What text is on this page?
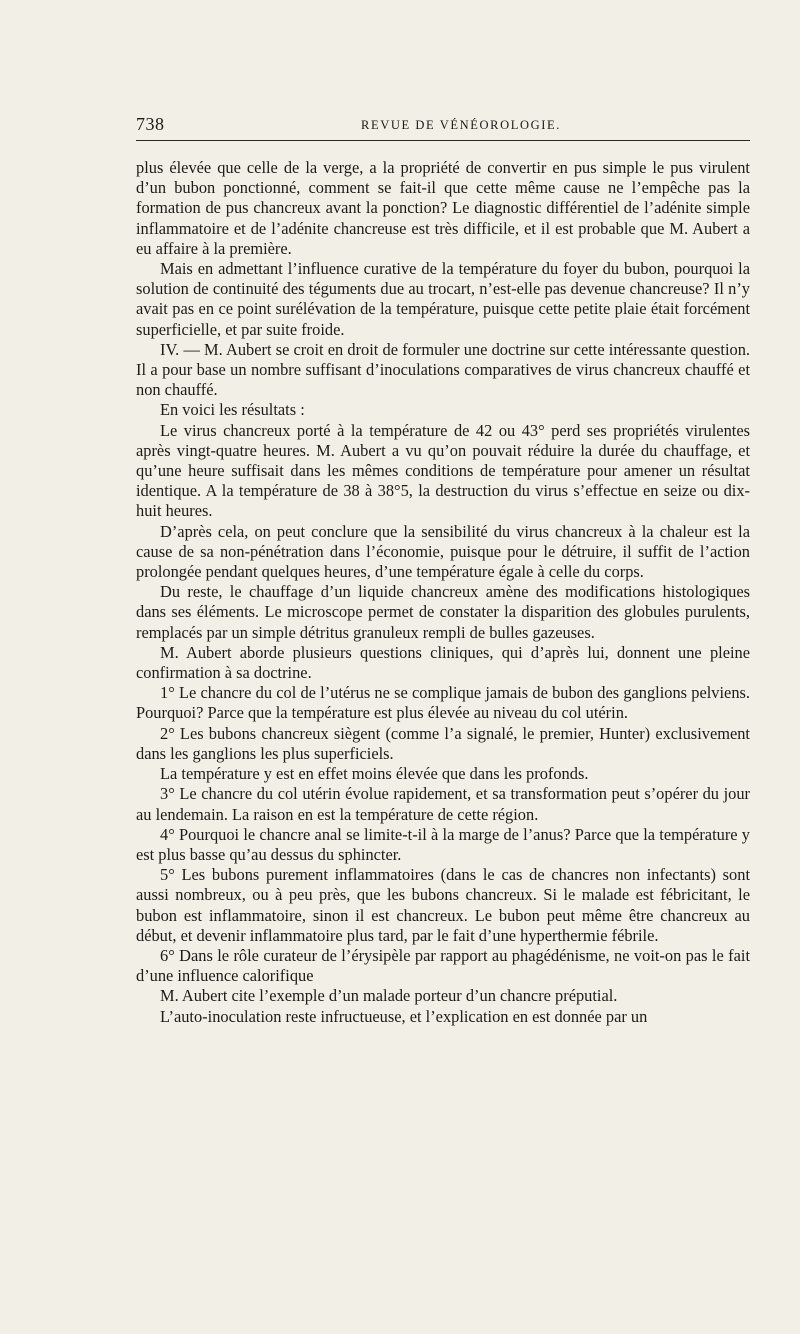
738	REVUE DE VÉNÉOROLOGIE.

plus élevée que celle de la verge, a la propriété de convertir en pus simple le pus virulent d’un bubon ponctionné, comment se fait-il que cette même cause ne l’empêche pas la formation de pus chancreux avant la ponction? Le diagnostic différentiel de l’adénite simple inflammatoire et de l’adénite chancreuse est très difficile, et il est probable que M. Aubert a eu affaire à la première.

Mais en admettant l’influence curative de la température du foyer du bubon, pourquoi la solution de continuité des téguments due au trocart, n’est-elle pas devenue chancreuse? Il n’y avait pas en ce point surélévation de la température, puisque cette petite plaie était forcément superficielle, et par suite froide.

IV. — M. Aubert se croit en droit de formuler une doctrine sur cette intéressante question. Il a pour base un nombre suffisant d’inoculations comparatives de virus chancreux chauffé et non chauffé.

En voici les résultats :

Le virus chancreux porté à la température de 42 ou 43° perd ses propriétés virulentes après vingt-quatre heures. M. Aubert a vu qu’on pouvait réduire la durée du chauffage, et qu’une heure suffisait dans les mêmes conditions de température pour amener un résultat identique. A la température de 38 à 38°5, la destruction du virus s’effectue en seize ou dix-huit heures.

D’après cela, on peut conclure que la sensibilité du virus chancreux à la chaleur est la cause de sa non-pénétration dans l’économie, puisque pour le détruire, il suffit de l’action prolongée pendant quelques heures, d’une température égale à celle du corps.

Du reste, le chauffage d’un liquide chancreux amène des modifications histologiques dans ses éléments. Le microscope permet de constater la disparition des globules purulents, remplacés par un simple détritus granuleux rempli de bulles gazeuses.

M. Aubert aborde plusieurs questions cliniques, qui d’après lui, donnent une pleine confirmation à sa doctrine.

1° Le chancre du col de l’utérus ne se complique jamais de bubon des ganglions pelviens. Pourquoi? Parce que la température est plus élevée au niveau du col utérin.

2° Les bubons chancreux siègent (comme l’a signalé, le premier, Hunter) exclusivement dans les ganglions les plus superficiels.

La température y est en effet moins élevée que dans les profonds.

3° Le chancre du col utérin évolue rapidement, et sa transformation peut s’opérer du jour au lendemain. La raison en est la température de cette région.

4° Pourquoi le chancre anal se limite-t-il à la marge de l’anus? Parce que la température y est plus basse qu’au dessus du sphincter.

5° Les bubons purement inflammatoires (dans le cas de chancres non infectants) sont aussi nombreux, ou à peu près, que les bubons chancreux. Si le malade est fébricitant, le bubon est inflammatoire, sinon il est chancreux. Le bubon peut même être chancreux au début, et devenir inflammatoire plus tard, par le fait d’une hyperthermie fébrile.

6° Dans le rôle curateur de l’érysipèle par rapport au phagédénisme, ne voit-on pas le fait d’une influence calorifique

M. Aubert cite l’exemple d’un malade porteur d’un chancre préputial.

L’auto-inoculation reste infructueuse, et l’explication en est donnée par un
